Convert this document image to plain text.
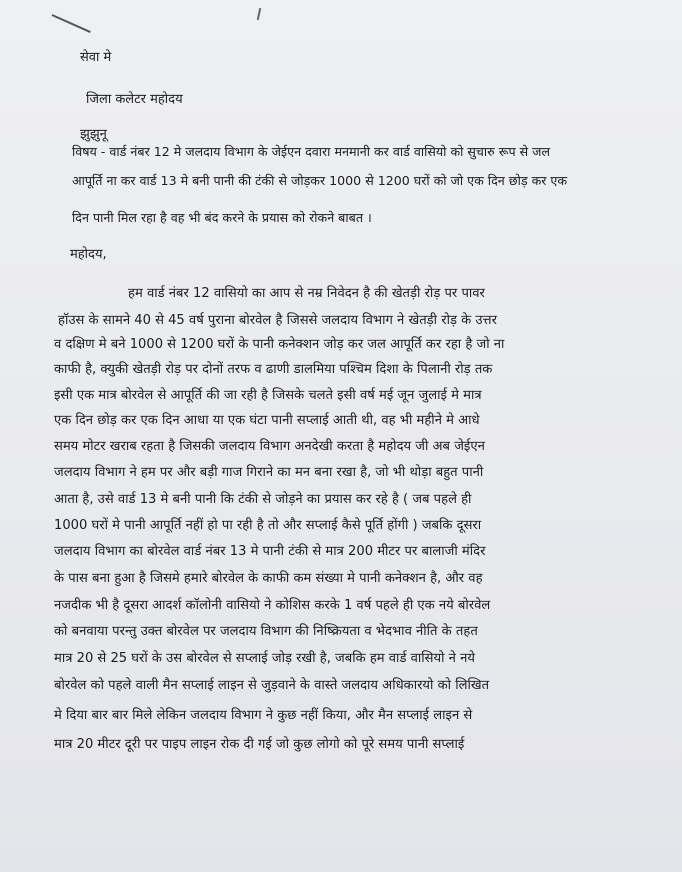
सेवा मे
जिला कलेटर महोदय
झुझुनू
विषय - वार्ड नंबर 12 मे जलदाय विभाग के जेईएन दवारा मनमानी कर वार्ड वासियो को सुचारु रूप से जल
आपूर्ति ना कर वार्ड 13 मे बनी पानी की टंकी से जोड़कर 1000 से 1200 घरों को जो एक दिन छोड़ कर एक
दिन पानी मिल रहा है वह भी बंद करने के प्रयास को रोकने बाबत ।
महोदय,
हम वार्ड नंबर 12 वासियो का आप से नम्र निवेदन है की खेतड़ी रोड़ पर पावर
हॉउस के सामने 40 से 45 वर्ष पुराना बोरवेल है जिससे जलदाय विभाग ने खेतड़ी रोड़ के उत्तर
व दक्षिण मे बने 1000 से 1200 घरों के पानी कनेक्शन जोड़ कर जल आपूर्ति कर रहा है जो ना
काफी है, क्युकी खेतड़ी रोड़ पर दोनों तरफ व ढाणी डालमिया पश्चिम दिशा के पिलानी रोड़ तक
इसी एक मात्र बोरवेल से आपूर्ति की जा रही है जिसके चलते इसी वर्ष मई जून जुलाई मे मात्र
एक दिन छोड़ कर एक दिन आधा या एक घंटा पानी सप्लाई आती थी, वह भी महीने मे आधे
समय मोटर खराब रहता है जिसकी जलदाय विभाग अनदेखी करता है महोदय जी अब जेईएन
जलदाय विभाग ने हम पर और बड़ी गाज गिराने का मन बना रखा है, जो भी थोड़ा बहुत पानी
आता है, उसे वार्ड 13 मे बनी पानी कि टंकी से जोड़ने का प्रयास कर रहे है ( जब पहले ही
1000 घरों मे पानी आपूर्ति नहीं हो पा रही है तो और सप्लाई कैसे पूर्ति होंगी ) जबकि दूसरा
जलदाय विभाग का बोरवेल वार्ड नंबर 13 मे पानी टंकी से मात्र 200 मीटर पर बालाजी मंदिर
के पास बना हुआ है जिसमे हमारे बोरवेल के काफी कम संख्या मे पानी कनेक्शन है, और वह
नजदीक भी है दूसरा आदर्श कॉलोनी वासियो ने कोशिस करके 1 वर्ष पहले ही एक नये बोरवेल
को बनवाया परन्तु उक्त बोरवेल पर जलदाय विभाग की निष्क्रियता व भेदभाव नीति के तहत
मात्र 20 से 25 घरों के उस बोरवेल से सप्लाई जोड़ रखी है, जबकि हम वार्ड वासियो ने नये
बोरवेल को पहले वाली मैन सप्लाई लाइन से जुड़वाने के वास्ते जलदाय अधिकारयो को लिखित
मे दिया बार बार मिले लेकिन जलदाय विभाग ने कुछ नहीं किया, और मैन सप्लाई लाइन से
मात्र 20 मीटर दूरी पर पाइप लाइन रोक दी गई जो कुछ लोगो को पूरे समय पानी सप्लाई
